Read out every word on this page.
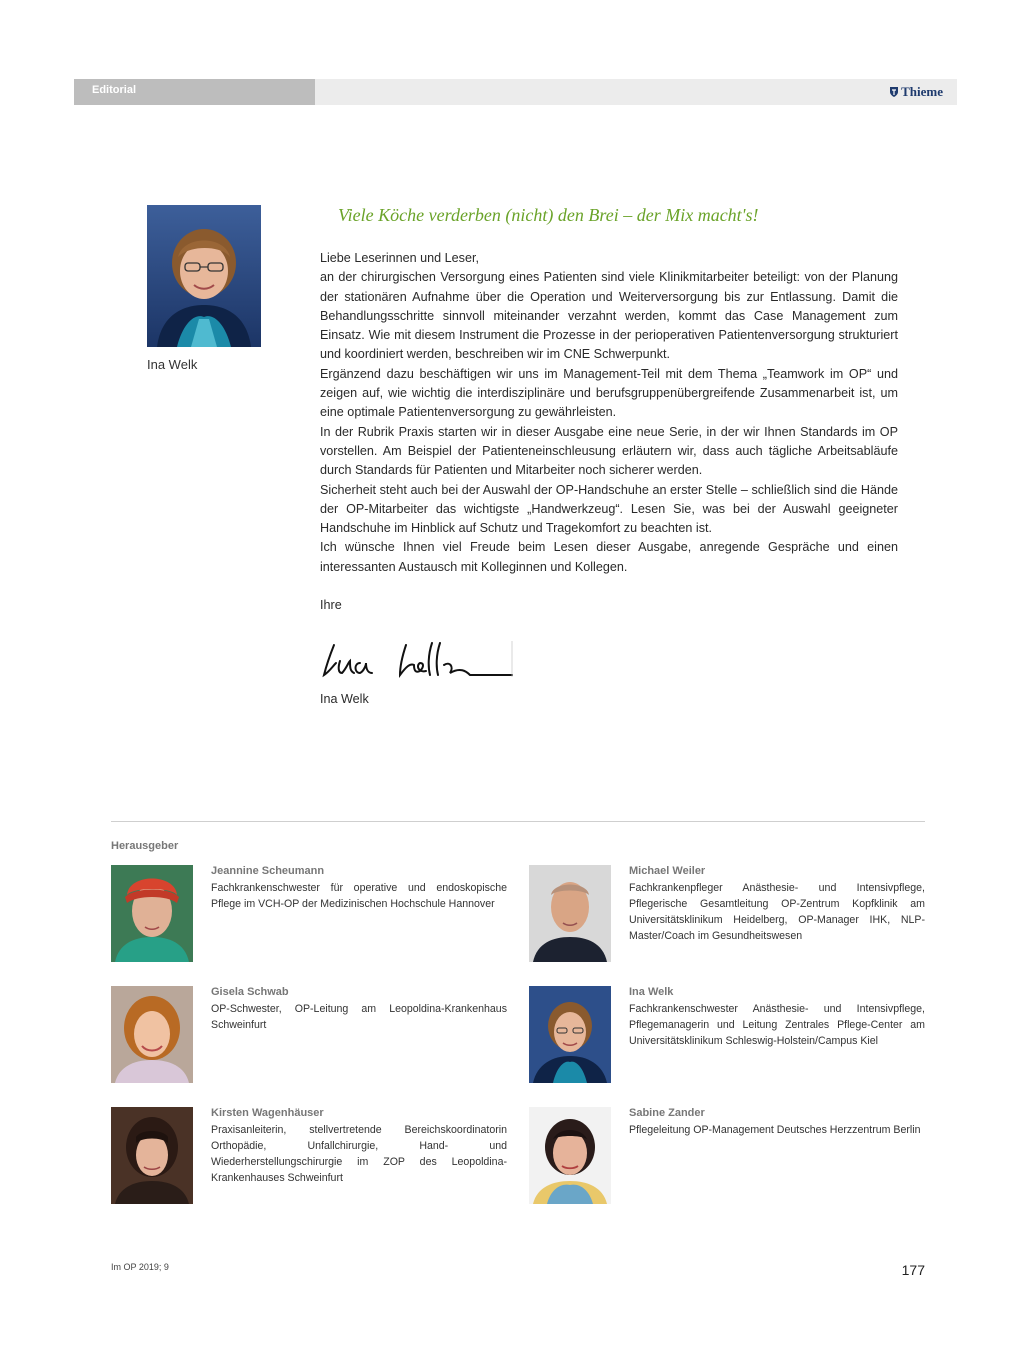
Editorial	Thieme
Ina Welk
Viele Köche verderben (nicht) den Brei – der Mix macht's!

Liebe Leserinnen und Leser,

an der chirurgischen Versorgung eines Patienten sind viele Klinikmitarbeiter beteiligt: von der Planung der stationären Aufnahme über die Operation und Weiterversorgung bis zur Entlassung. Damit die Behandlungsschritte sinnvoll miteinander verzahnt werden, kommt das Case Management zum Einsatz. Wie mit diesem Instrument die Prozesse in der perioperativen Patientenversorgung strukturiert und koordiniert werden, beschreiben wir im CNE Schwerpunkt.

Ergänzend dazu beschäftigen wir uns im Management-Teil mit dem Thema „Teamwork im OP“ und zeigen auf, wie wichtig die interdisziplinäre und berufsgruppenübergreifende Zusammenarbeit ist, um eine optimale Patientenversorgung zu gewährleisten.

In der Rubrik Praxis starten wir in dieser Ausgabe eine neue Serie, in der wir Ihnen Standards im OP vorstellen. Am Beispiel der Patienteneinschleusung erläutern wir, dass auch tägliche Arbeitsabläufe durch Standards für Patienten und Mitarbeiter noch sicherer werden.

Sicherheit steht auch bei der Auswahl der OP-Handschuhe an erster Stelle – schließlich sind die Hände der OP-Mitarbeiter das wichtigste „Handwerkzeug“. Lesen Sie, was bei der Auswahl geeigneter Handschuhe im Hinblick auf Schutz und Tragekomfort zu beachten ist.

Ich wünsche Ihnen viel Freude beim Lesen dieser Ausgabe, anregende Gespräche und einen interessanten Austausch mit Kolleginnen und Kollegen.

Ihre

Ina Welk
Herausgeber
Jeannine Scheumann
Fachkrankenschwester für operative und endoskopische Pflege im VCH-OP der Medizinischen Hochschule Hannover
Michael Weiler
Fachkrankenpfleger Anästhesie- und Intensivpflege, Pflegerische Gesamtleitung OP-Zentrum Kopfklinik am Universitätsklinikum Heidelberg, OP-Manager IHK, NLP-Master/Coach im Gesundheitswesen
Gisela Schwab
OP-Schwester, OP-Leitung am Leopoldina-Krankenhaus Schweinfurt
Ina Welk
Fachkrankenschwester Anästhesie- und Intensivpflege, Pflegemanagerin und Leitung Zentrales Pflege-Center am Universitätsklinikum Schleswig-Holstein/Campus Kiel
Kirsten Wagenhäuser
Praxisanleiterin, stellvertretende Bereichskoordinatorin Orthopädie, Unfallchirurgie, Hand- und Wiederherstellungschirurgie im ZOP des Leopoldina-Krankenhauses Schweinfurt
Sabine Zander
Pflegeleitung OP-Management Deutsches Herzzentrum Berlin
Im OP 2019; 9	177
